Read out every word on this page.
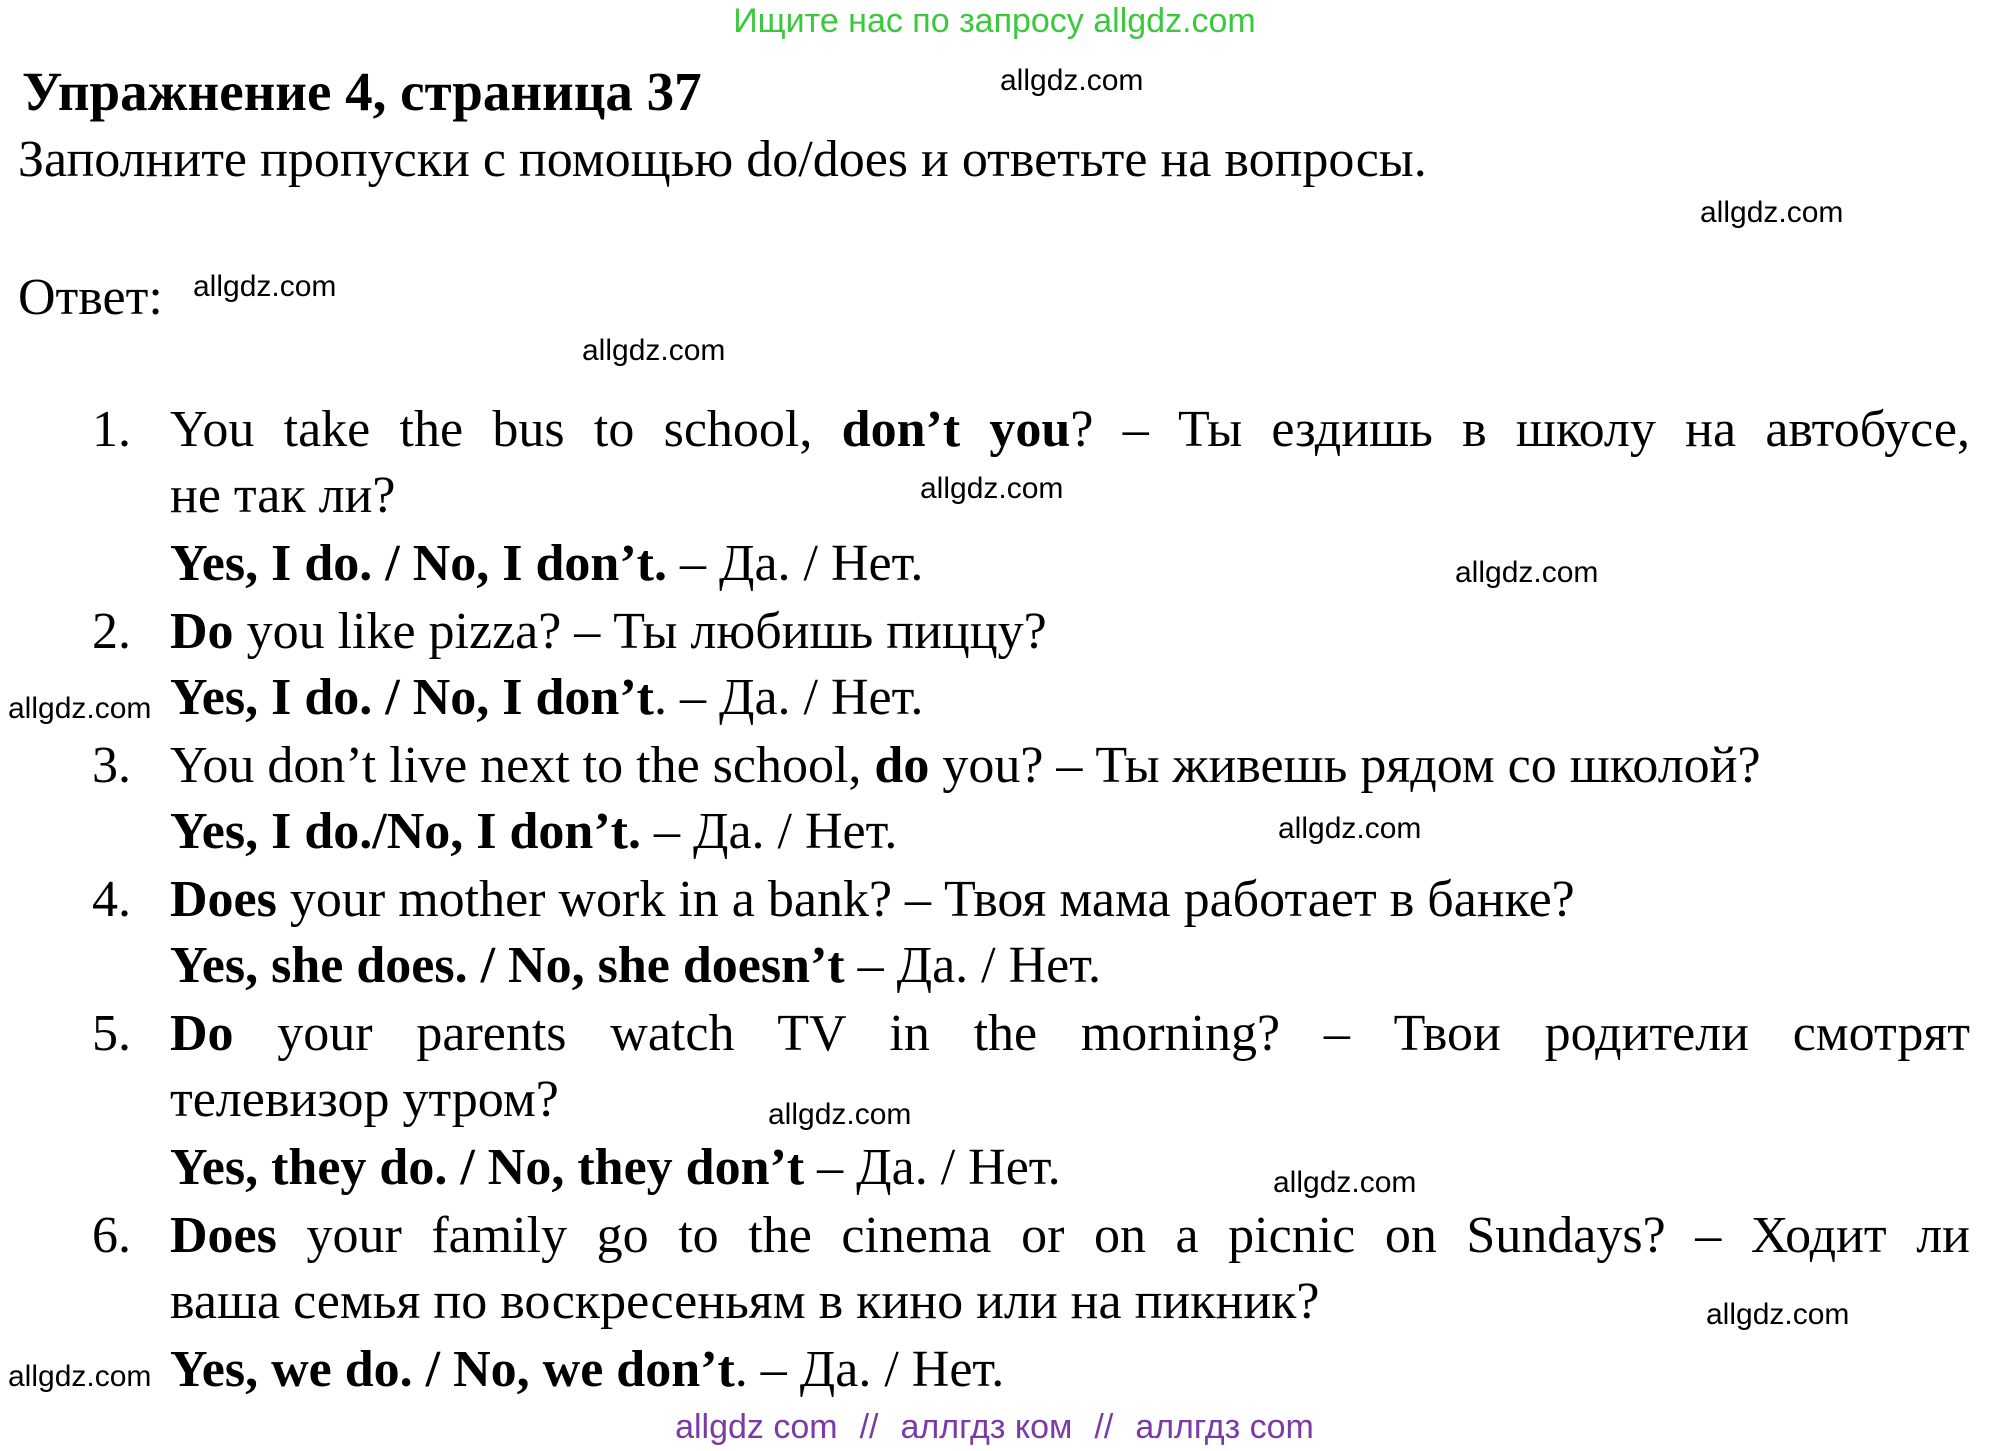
Ищите нас по запросу allgdz.com
Упражнение 4, страница 37
Заполните пропуски с помощью do/does и ответьте на вопросы.
Ответ:
allgdz.com
allgdz.com
allgdz.com
allgdz.com
allgdz.com
allgdz.com
allgdz.com
allgdz.com
allgdz.com
allgdz.com
allgdz.com
allgdz.com
1. You take the bus to school, don’t you? – Ты ездишь в школу на автобусе,
не так ли?
Yes, I do. / No, I don’t. – Да. / Нет.
2. Do you like pizza? – Ты любишь пиццу?
Yes, I do. / No, I don’t. – Да. / Нет.
3. You don’t live next to the school, do you? – Ты живешь рядом со школой?
Yes, I do./No, I don’t. – Да. / Нет.
4. Does your mother work in a bank? – Твоя мама работает в банке?
Yes, she does. / No, she doesn’t – Да. / Нет.
5. Do your parents watch TV in the morning? – Твои родители смотрят
телевизор утром?
Yes, they do. / No, they don’t – Да. / Нет.
6. Does your family go to the cinema or on a picnic on Sundays? – Ходит ли
ваша семья по воскресеньям в кино или на пикник?
Yes, we do. / No, we don’t. – Да. / Нет.
allgdz com // аллгдз ком // аллгдз com
